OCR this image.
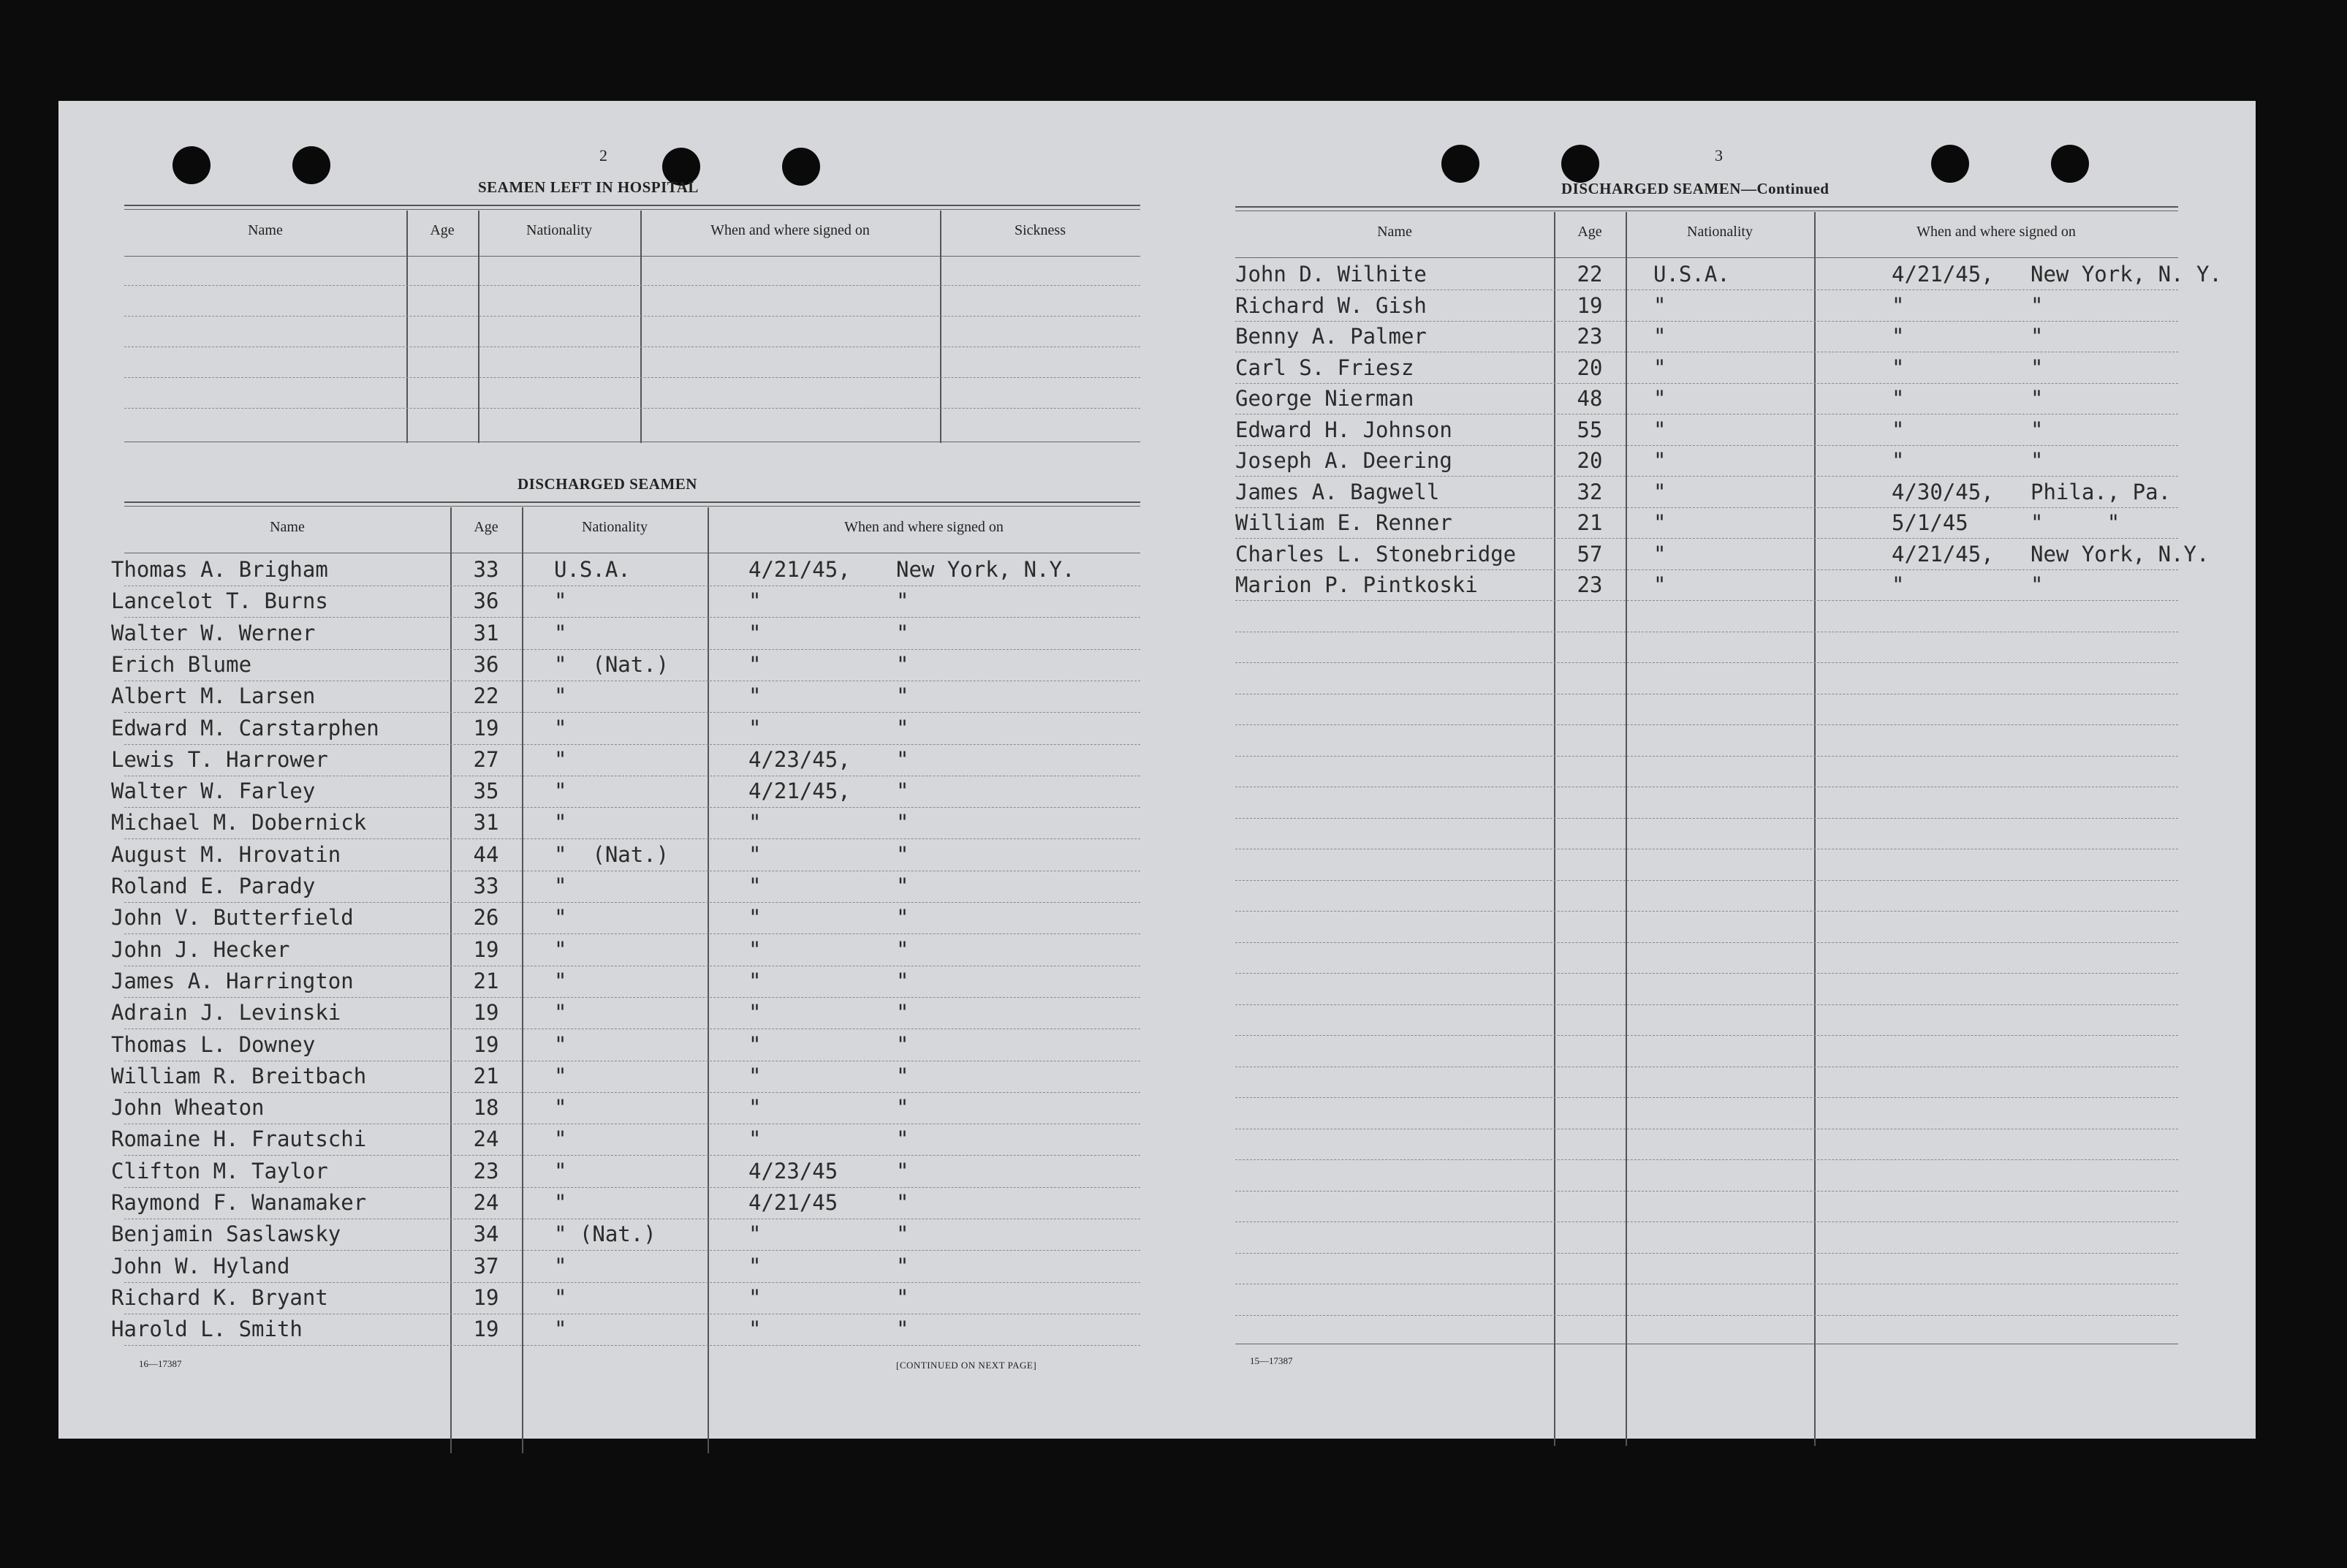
2
SEAMEN LEFT IN HOSPITAL
Name	Age	Nationality	When and where signed on	Sickness
DISCHARGED SEAMEN
Name	Age	Nationality	When and where signed on
Thomas A. Brigham	33	U.S.A.	4/21/45,	New York, N.Y.
Lancelot T. Burns	36	"	"	"
Walter W. Werner	31	"	"	"
Erich Blume	36	"  (Nat.)	"	"
Albert M. Larsen	22	"	"	"
Edward M. Carstarphen	19	"	"	"
Lewis T. Harrower	27	"	4/23/45,	"
Walter W. Farley	35	"	4/21/45,	"
Michael M. Dobernick	31	"	"	"
August M. Hrovatin	44	"  (Nat.)	"	"
Roland E. Parady	33	"	"	"
John V. Butterfield	26	"	"	"
John J. Hecker	19	"	"	"
James A. Harrington	21	"	"	"
Adrain J. Levinski	19	"	"	"
Thomas L. Downey	19	"	"	"
William R. Breitbach	21	"	"	"
John Wheaton	18	"	"	"
Romaine H. Frautschi	24	"	"	"
Clifton M. Taylor	23	"	4/23/45	"
Raymond F. Wanamaker	24	"	4/21/45	"
Benjamin Saslawsky	34	" (Nat.)	"	"
John W. Hyland	37	"	"	"
Richard K. Bryant	19	"	"	"
Harold L. Smith	19	"	"	"
16—17387	[CONTINUED ON NEXT PAGE]
3
DISCHARGED SEAMEN—Continued
Name	Age	Nationality	When and where signed on
John D. Wilhite	22	U.S.A.	4/21/45,	New York, N. Y.
Richard W. Gish	19	"	"	"
Benny A. Palmer	23	"	"	"
Carl S. Friesz	20	"	"	"
George Nierman	48	"	"	"
Edward H. Johnson	55	"	"	"
Joseph A. Deering	20	"	"	"
James A. Bagwell	32	"	4/30/45,	Phila., Pa.
William E. Renner	21	"	5/1/45	"     "
Charles L. Stonebridge	57	"	4/21/45,	New York, N.Y.
Marion P. Pintkoski	23	"	"	"
15—17387
